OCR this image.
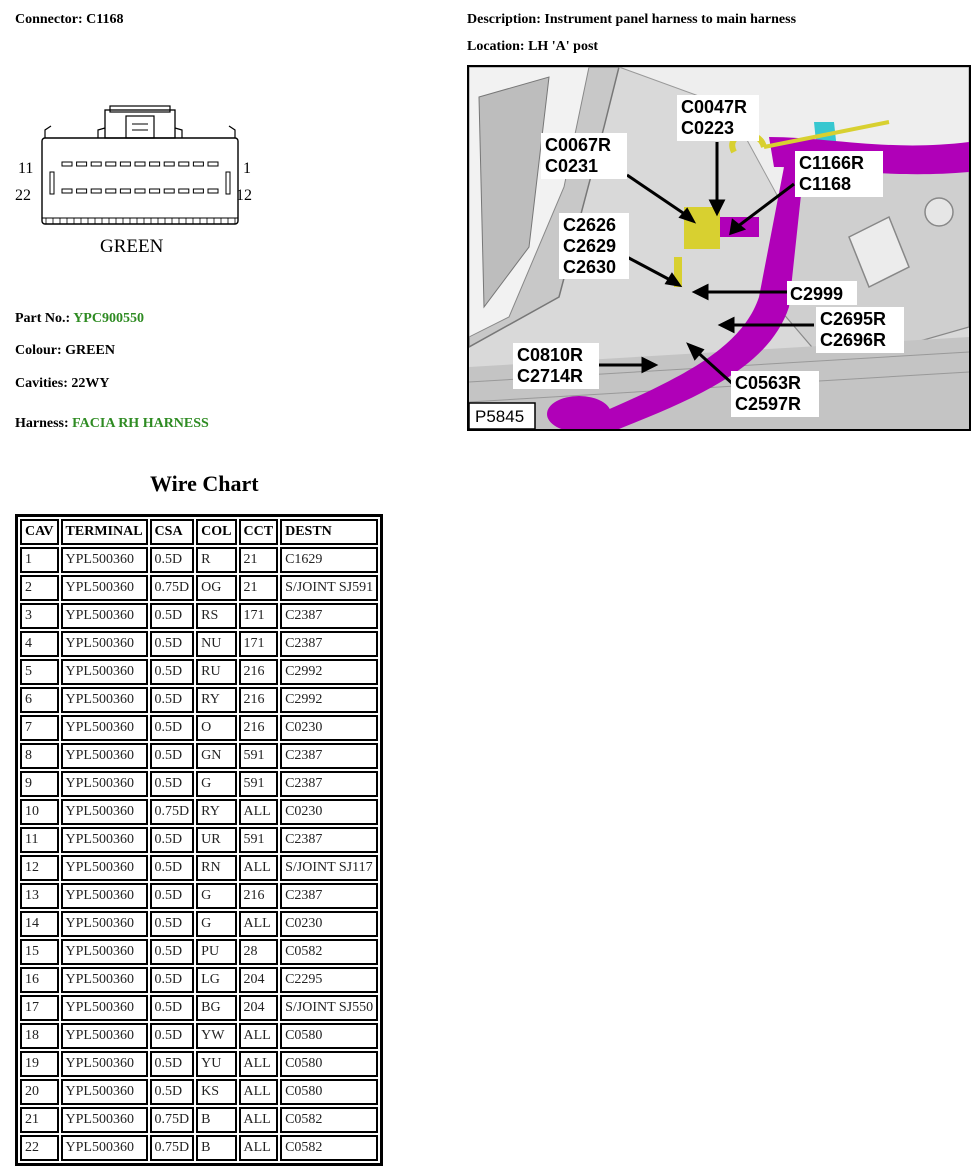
Connector: C1168	Description: Instrument panel harness to main harness
Location: LH 'A' post
11	1
22	12
GREEN
Part No.: YPC900550
Colour: GREEN
Cavities: 22WY
Harness: FACIA RH HARNESS
C0047R
C0223
C0067R
C0231	C1166R
C1168
C2626
C2629
C2630
C2999
C2695R
C2696R
C0810R
C2714R	C0563R
C2597R
P5845
Wire Chart
CAV	TERMINAL	CSA	COL	CCT	DESTN
1	YPL500360	0.5D	R	21	C1629
2	YPL500360	0.75D	OG	21	S/JOINT SJ591
3	YPL500360	0.5D	RS	171	C2387
4	YPL500360	0.5D	NU	171	C2387
5	YPL500360	0.5D	RU	216	C2992
6	YPL500360	0.5D	RY	216	C2992
7	YPL500360	0.5D	O	216	C0230
8	YPL500360	0.5D	GN	591	C2387
9	YPL500360	0.5D	G	591	C2387
10	YPL500360	0.75D	RY	ALL	C0230
11	YPL500360	0.5D	UR	591	C2387
12	YPL500360	0.5D	RN	ALL	S/JOINT SJ117
13	YPL500360	0.5D	G	216	C2387
14	YPL500360	0.5D	G	ALL	C0230
15	YPL500360	0.5D	PU	28	C0582
16	YPL500360	0.5D	LG	204	C2295
17	YPL500360	0.5D	BG	204	S/JOINT SJ550
18	YPL500360	0.5D	YW	ALL	C0580
19	YPL500360	0.5D	YU	ALL	C0580
20	YPL500360	0.5D	KS	ALL	C0580
21	YPL500360	0.75D	B	ALL	C0582
22	YPL500360	0.75D	B	ALL	C0582
